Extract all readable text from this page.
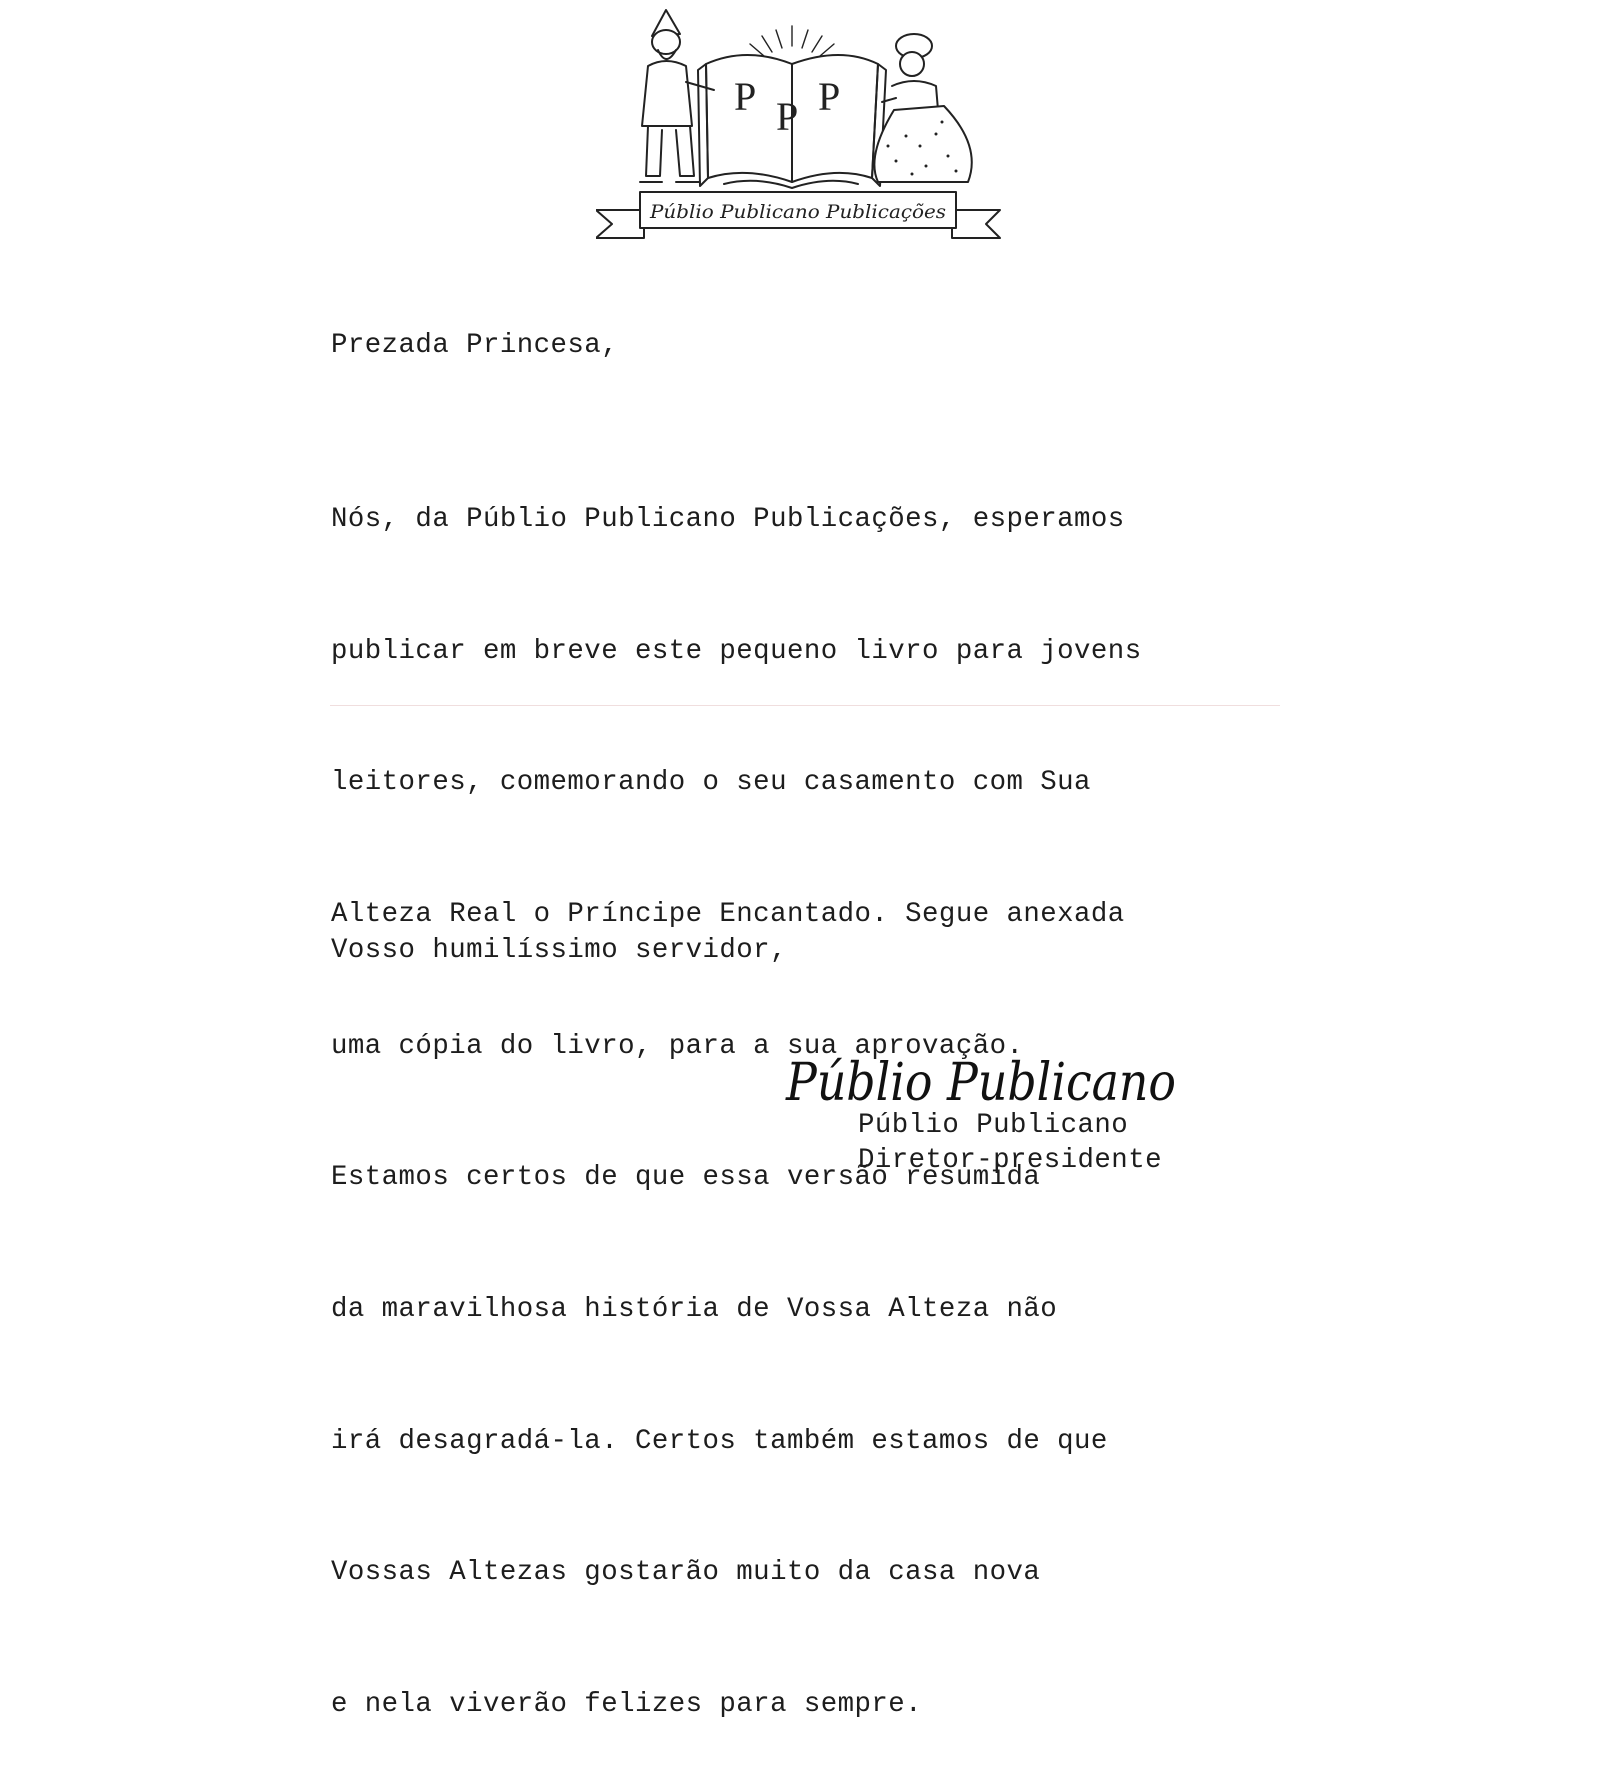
P P P
Públio Publicano Publicações

Prezada Princesa,

Nós, da Públio Publicano Publicações, esperamos

publicar em breve este pequeno livro para jovens

leitores, comemorando o seu casamento com Sua

Alteza Real o Príncipe Encantado. Segue anexada

uma cópia do livro, para a sua aprovação.

Estamos certos de que essa versão resumida

da maravilhosa história de Vossa Alteza não

irá desagradá-la. Certos também estamos de que

Vossas Altezas gostarão muito da casa nova

e nela viverão felizes para sempre.

Vosso humilíssimo servidor,

Públio Publicano

Públio Publicano

Diretor-presidente
